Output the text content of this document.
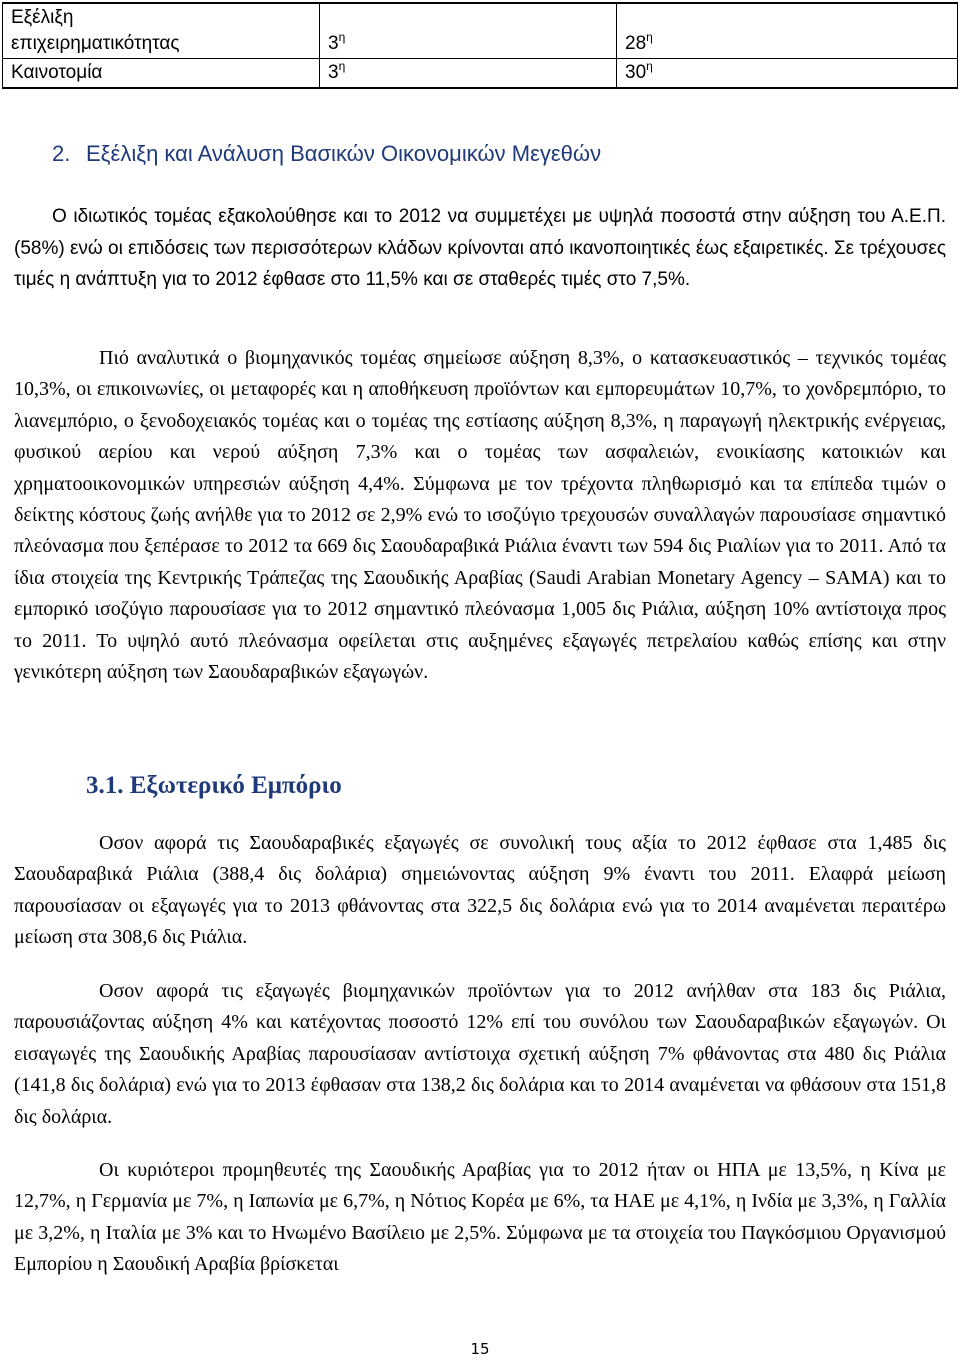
Εξέλιξη
επιχειρηματικότητας	$3^\eta$	$28^\eta$
Καινοτομία	$3^\eta$	$30^\eta$
2. Εξέλιξη και Ανάλυση Βασικών Οικονομικών Μεγεθών

Ο ιδιωτικός τομέας εξακολούθησε και το 2012 να συμμετέχει με υψηλά ποσοστά στην αύξηση του Α.Ε.Π. (58%) ενώ οι επιδόσεις των περισσότερων κλάδων κρίνονται από ικανοποιητικές έως εξαιρετικές. Σε τρέχουσες τιμές η ανάπτυξη για το 2012 έφθασε στο 11,5% και σε σταθερές τιμές στο 7,5%.

Πιό αναλυτικά ο βιομηχανικός τομέας σημείωσε αύξηση 8,3%, ο κατασκευαστικός – τεχνικός τομέας 10,3%, οι επικοινωνίες, οι μεταφορές και η αποθήκευση προϊόντων και εμπορευμάτων 10,7%, το χονδρεμπόριο, το λιανεμπόριο, ο ξενοδοχειακός τομέας και ο τομέας της εστίασης αύξηση 8,3%, η παραγωγή ηλεκτρικής ενέργειας, φυσικού αερίου και νερού αύξηση 7,3% και ο τομέας των ασφαλειών, ενοικίασης κατοικιών και χρηματοοικονομικών υπηρεσιών αύξηση 4,4%. Σύμφωνα με τον τρέχοντα πληθωρισμό και τα επίπεδα τιμών ο δείκτης κόστους ζωής ανήλθε για το 2012 σε 2,9% ενώ το ισοζύγιο τρεχουσών συναλλαγών παρουσίασε σημαντικό πλεόνασμα που ξεπέρασε το 2012 τα 669 δις Σαουδαραβικά Ριάλια έναντι των 594 δις Ριαλίων για το 2011. Από τα ίδια στοιχεία της Κεντρικής Τράπεζας της Σαουδικής Αραβίας (Saudi Arabian Monetary Agency – SAMA) και το εμπορικό ισοζύγιο παρουσίασε για το 2012 σημαντικό πλεόνασμα 1,005 δις Ριάλια, αύξηση 10% αντίστοιχα προς το 2011. Το υψηλό αυτό πλεόνασμα οφείλεται στις αυξημένες εξαγωγές πετρελαίου καθώς επίσης και στην γενικότερη αύξηση των Σαουδαραβικών εξαγωγών.

3.1. Εξωτερικό Εμπόριο

Οσον αφορά τις Σαουδαραβικές εξαγωγές σε συνολική τους αξία το 2012 έφθασε στα 1,485 δις Σαουδαραβικά Ριάλια (388,4 δις δολάρια) σημειώνοντας αύξηση 9% έναντι του 2011. Ελαφρά μείωση παρουσίασαν οι εξαγωγές για το 2013 φθάνοντας στα 322,5 δις δολάρια ενώ για το 2014 αναμένεται περαιτέρω μείωση στα 308,6 δις Ριάλια.

Οσον αφορά τις εξαγωγές βιομηχανικών προϊόντων για το 2012 ανήλθαν στα 183 δις Ριάλια, παρουσιάζοντας αύξηση 4% και κατέχοντας ποσοστό 12% επί του συνόλου των Σαουδαραβικών εξαγωγών. Οι εισαγωγές της Σαουδικής Αραβίας παρουσίασαν αντίστοιχα σχετική αύξηση 7% φθάνοντας στα 480 δις Ριάλια (141,8 δις δολάρια) ενώ για το 2013 έφθασαν στα 138,2 δις δολάρια και το 2014 αναμένεται να φθάσουν στα 151,8 δις δολάρια.

Οι κυριότεροι προμηθευτές της Σαουδικής Αραβίας για το 2012 ήταν οι ΗΠΑ με 13,5%, η Κίνα με 12,7%, η Γερμανία με 7%, η Ιαπωνία με 6,7%, η Νότιος Κορέα με 6%, τα ΗΑΕ με 4,1%, η Ινδία με 3,3%, η Γαλλία με 3,2%, η Ιταλία με 3% και το Ηνωμένο Βασίλειο με 2,5%. Σύμφωνα με τα στοιχεία του Παγκόσμιου Οργανισμού Εμπορίου η Σαουδική Αραβία βρίσκεται

15
